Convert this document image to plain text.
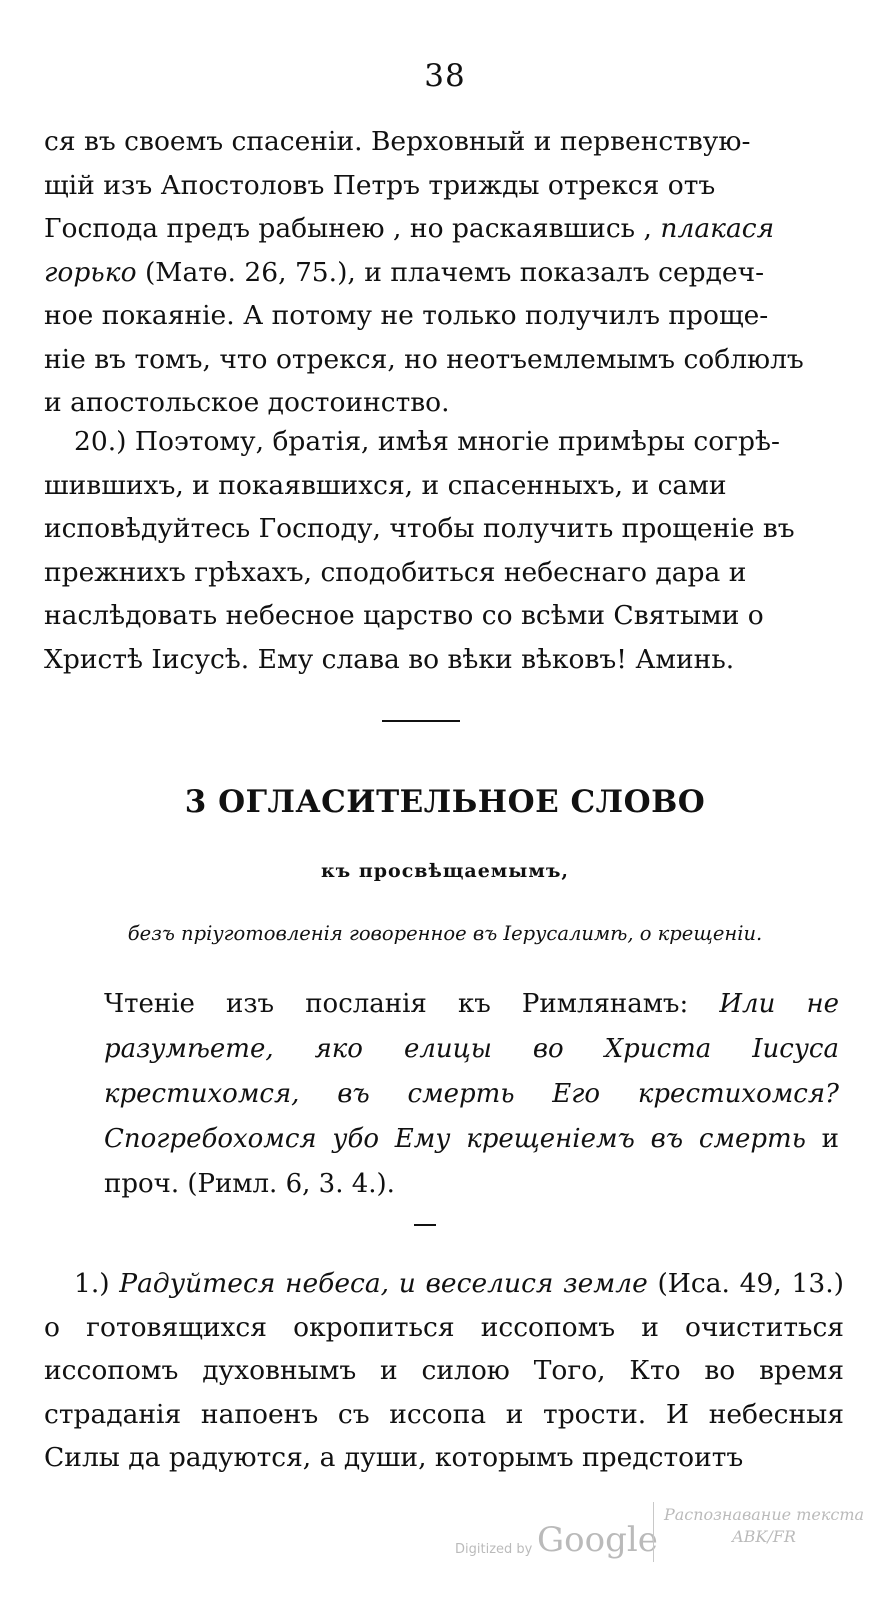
38
ся въ своемъ спасеніи. Верховный и первенствую-
щій изъ Апостоловъ Петръ трижды отрекся отъ
Господа предъ рабынею , но раскаявшись , плакася
горько (Матѳ. 26, 75.), и плачемъ показалъ сердеч-
ное покаяніе. А потому не только получилъ проще-
ніе въ томъ, что отрекся, но неотъемлемымъ соблюлъ
и апостольское достоинство.
20.) Поэтому, братія, имѣя многіе примѣры согрѣ-
шившихъ, и покаявшихся, и спасенныхъ, и сами
исповѣдуйтесь Господу, чтобы получить прощеніе въ
прежнихъ грѣхахъ, сподобиться небеснаго дара и
наслѣдовать небесное царство со всѣми Святыми о
Христѣ Іисусѣ. Ему слава во вѣки вѣковъ! Аминь.
3 ОГЛАСИТЕЛЬНОЕ СЛОВО
къ просвѣщаемымъ,
безъ пріуготовленія говоренное въ Іерусалимѣ, о крещеніи.
Чтеніе изъ посланія къ Римлянамъ: Или не разумѣете, яко елицы во Христа Іисуса крестихомся, въ смерть Его крестихомся? Спогребохомся убо Ему крещеніемъ въ смерть и проч. (Римл. 6, 3. 4.).
1.) Радуйтеся небеса, и веселися земле (Иса. 49, 13.) о готовящихся окропиться иссопомъ и очиститься иссопомъ духовнымъ и силою Того, Кто во время страданія напоенъ съ иссопа и трости. И небесныя Силы да радуются, а души, которымъ предстоитъ
Digitized by Google
Распознавание текста
ABK/FR
